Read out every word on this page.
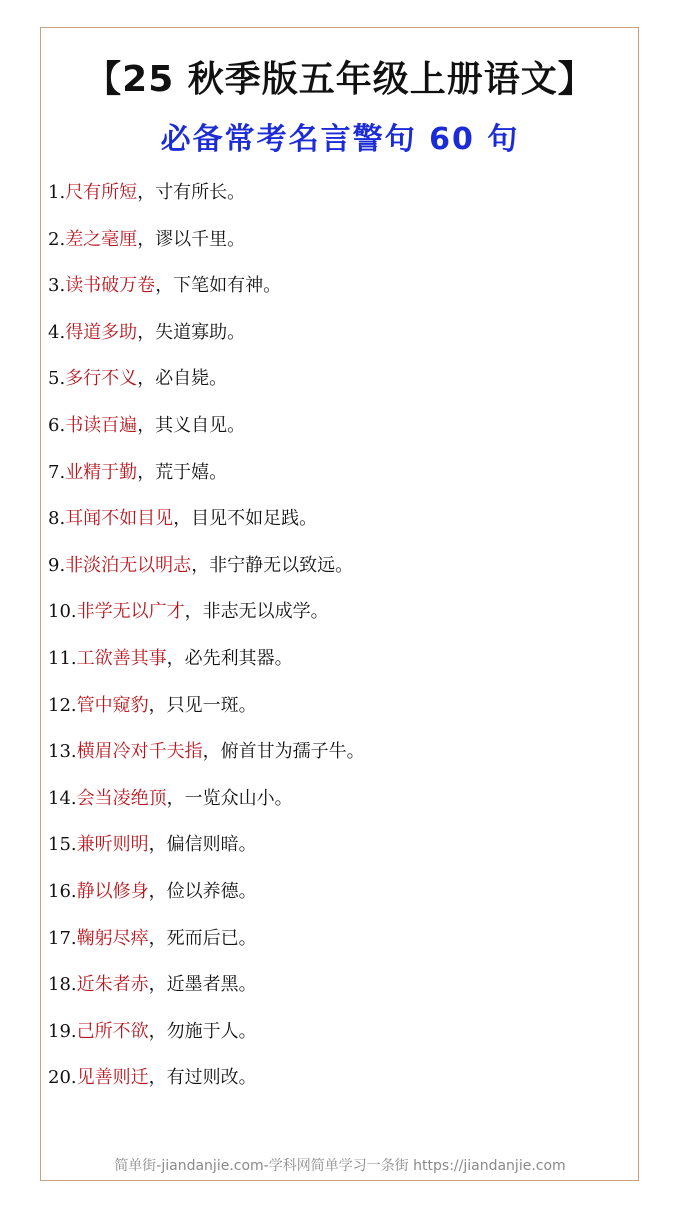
【25 秋季版五年级上册语文】
必备常考名言警句 60 句
1.尺有所短，寸有所长。
2.差之毫厘，谬以千里。
3.读书破万卷，下笔如有神。
4.得道多助，失道寡助。
5.多行不义，必自毙。
6.书读百遍，其义自见。
7.业精于勤，荒于嬉。
8.耳闻不如目见，目见不如足践。
9.非淡泊无以明志，非宁静无以致远。
10.非学无以广才，非志无以成学。
11.工欲善其事，必先利其器。
12.管中窥豹，只见一斑。
13.横眉冷对千夫指，俯首甘为孺子牛。
14.会当凌绝顶，一览众山小。
15.兼听则明，偏信则暗。
16.静以修身，俭以养德。
17.鞠躬尽瘁，死而后已。
18.近朱者赤，近墨者黑。
19.己所不欲，勿施于人。
20.见善则迁，有过则改。
简单街-jiandanjie.com-学科网简单学习一条街 https://jiandanjie.com
